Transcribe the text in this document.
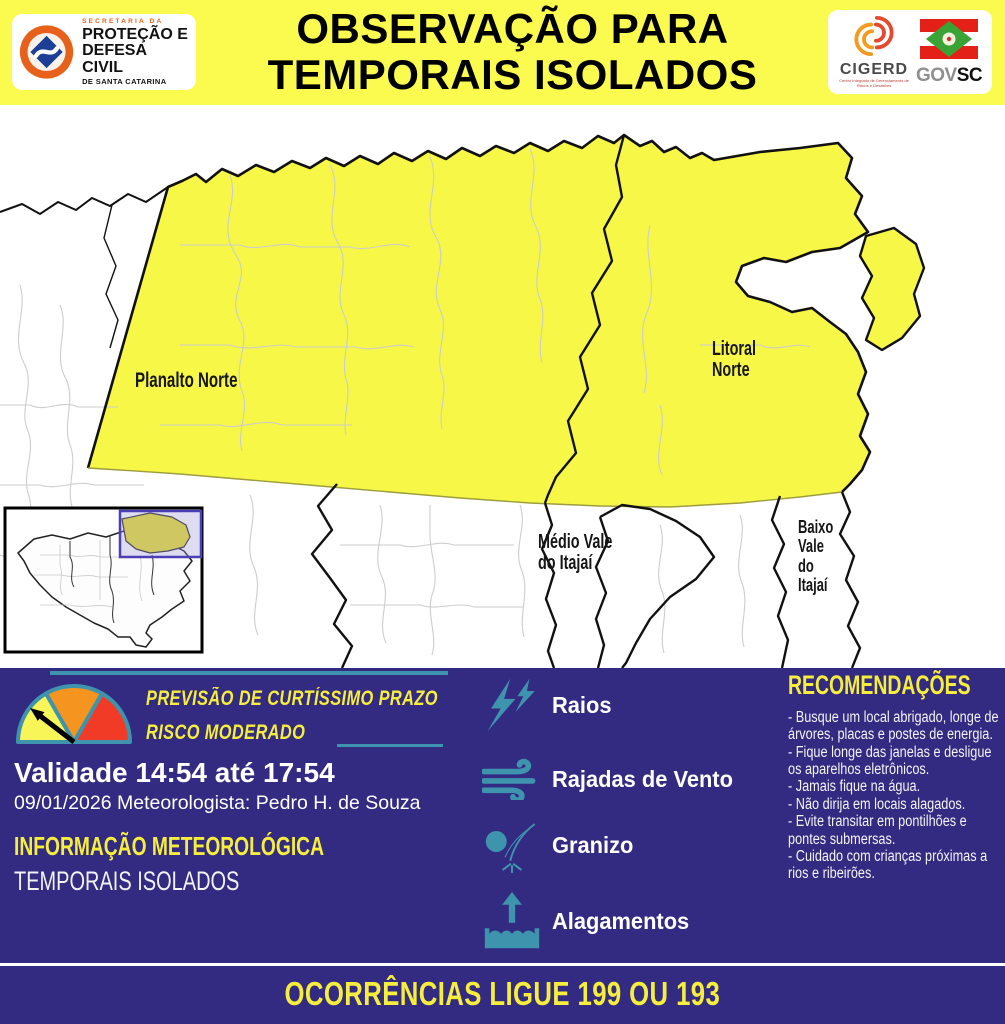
SECRETARIA DA
PROTEÇÃO E
DEFESA CIVIL
DE SANTA CATARINA
OBSERVAÇÃO PARA
TEMPORAIS ISOLADOS	CIGERD
Centro Integrado de Gerenciamento de Riscos e Desastres	GOVSC
Planalto Norte
Litoral
Norte
Médio Vale
do Itajaí
Baixo
Vale
do
Itajaí
PREVISÃO DE CURTÍSSIMO PRAZO
RISCO MODERADO
Validade 14:54 até 17:54
09/01/2026 Meteorologista: Pedro H. de Souza
INFORMAÇÃO METEOROLÓGICA
TEMPORAIS ISOLADOS
Raios
Rajadas de Vento
Granizo
Alagamentos
RECOMENDAÇÕES
- Busque um local abrigado, longe de árvores, placas e postes de energia.
- Fique longe das janelas e desligue os aparelhos eletrônicos.
- Jamais fique na água.
- Não dirija em locais alagados.
- Evite transitar em pontilhões e pontes submersas.
- Cuidado com crianças próximas a rios e ribeirões.
OCORRÊNCIAS LIGUE 199 OU 193
